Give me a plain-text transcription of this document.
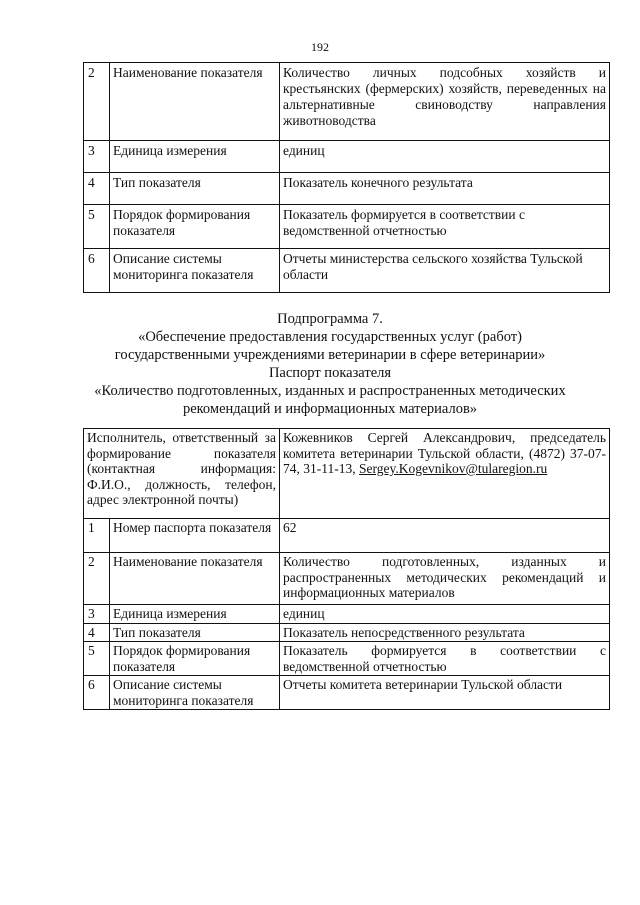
192
2	Наименование показателя	Количество личных подсобных хозяйств и крестьянских (фермерских) хозяйств, переведенных на альтернативные свиноводству направления животноводства
3	Единица измерения	единиц
4	Тип показателя	Показатель конечного результата
5	Порядок формирования показателя	Показатель формируется в соответствии с ведомственной отчетностью
6	Описание системы мониторинга показателя	Отчеты министерства сельского хозяйства Тульской области
Подпрограмма 7.
«Обеспечение предоставления государственных услуг (работ)
государственными учреждениями ветеринарии в сфере ветеринарии»
Паспорт показателя
«Количество подготовленных, изданных и распространенных методических
рекомендаций и информационных материалов»
Исполнитель, ответственный за формирование показателя (контактная информация: Ф.И.О., должность, телефон, адрес электронной почты)		Кожевников Сергей Александрович, председатель комитета ветеринарии Тульской области, (4872) 37-07-74, 31-11-13, Sergey.Kogevnikov@tularegion.ru
1	Номер паспорта показателя	62
2	Наименование показателя	Количество подготовленных, изданных и распространенных методических рекомендаций и информационных материалов
3	Единица измерения	единиц
4	Тип показателя	Показатель непосредственного результата
5	Порядок формирования показателя	Показатель формируется в соответствии с ведомственной отчетностью
6	Описание системы мониторинга показателя	Отчеты комитета ветеринарии Тульской области
